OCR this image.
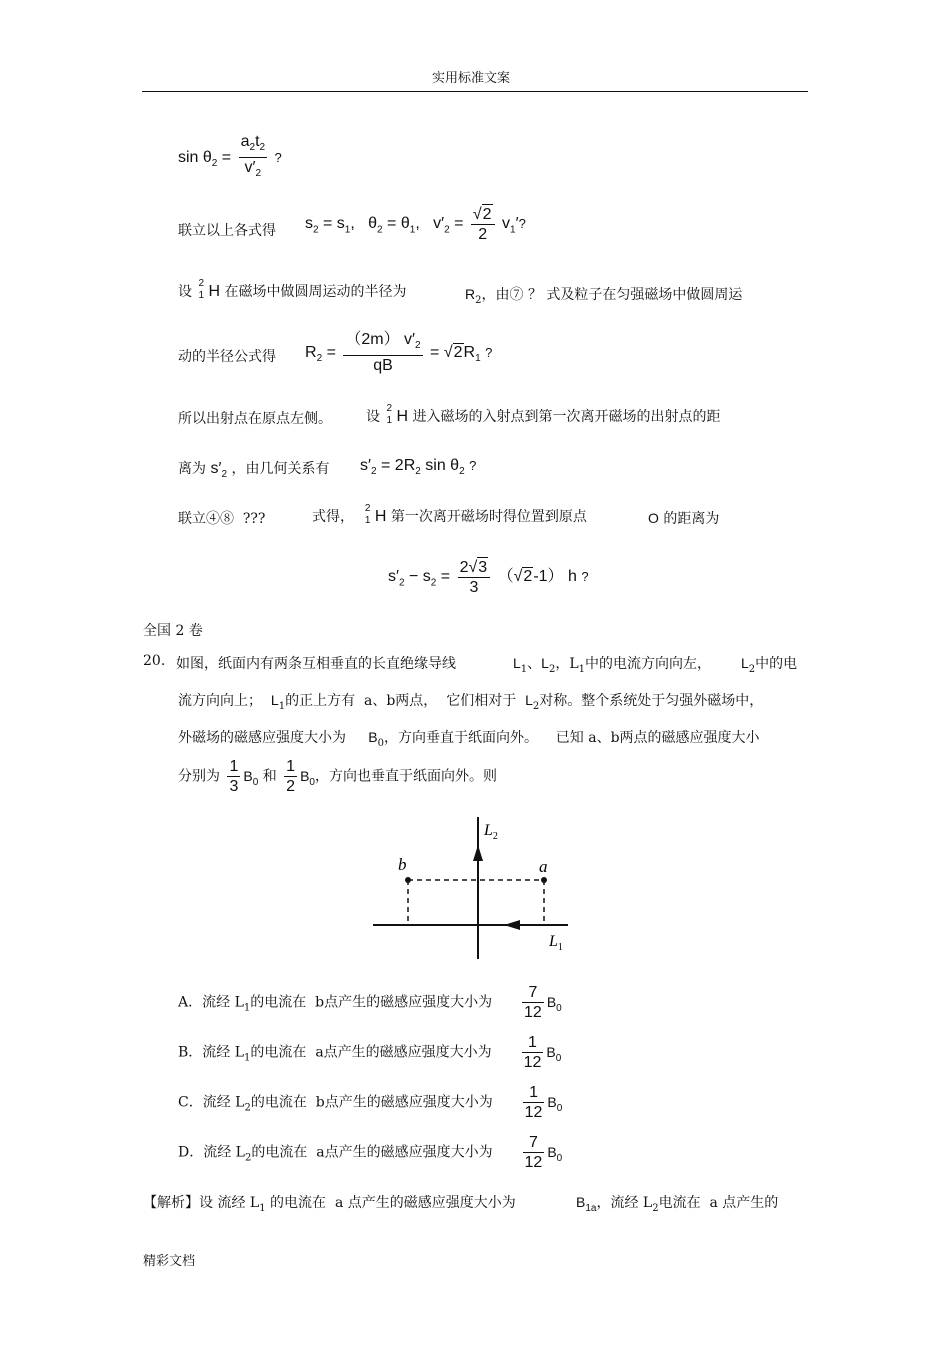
实用标准文案
$\sin \theta_2 = \frac{a_2t_2}{v'_2}$ ?
联立以上各式得 $s_2 = s_1$,   $\theta_2 = \theta_1$,   $v'_2 = \frac{√2}{2} v_1'$?
设
2
1 H 在磁场中做圆周运动的半径为	$R_2$，由⑦ ？ 式及粒子在匀强磁场中做圆周运
动的半径公式得 $R_2 = \frac{(2m) v'_2}{qB} = √2R_1$ ?
所以出射点在原点左侧。 设
2
1 H 进入磁场的入射点到第一次离开磁场的出射点的距
离为 $s'_2$ ，由几何关系有 $s'_2 = 2R_2$ $\sin \theta_2$ ?
联立④⑧ ???	式得，
2
1 H 第一次离开磁场时得位置到原点	O 的距离为
$s'_2 - s_2 = \frac{2√3}{3} (√2-1)$ h ?
全国 2 卷
20. 如图，纸面内有两条互相垂直的长直绝缘导线	$L_1$、$L_2$，$L_1$中的电流方向向左， $L_2$中的电
流方向向上； $L_1$的正上方有 a、b两点， 它们相对于 $L_2$对称。整个系统处于匀强外磁场中，
外磁场的磁感应强度大小为 $B_0$，方向垂直于纸面向外。 已知 a、b两点的磁感应强度大小
分别为 $\frac{1}{3} B_0$ 和 $\frac{1}{2} B_0$，方向也垂直于纸面向外。则
b	a
$L_2$
$L_1$
A．流经 $L_1$的电流在 b点产生的磁感应强度大小为 $\frac{7}{12} B_0$
B．流经 $L_1$的电流在 a点产生的磁感应强度大小为 $\frac{1}{12} B_0$
C．流经 $L_2$的电流在 b点产生的磁感应强度大小为 $\frac{1}{12} B_0$
D．流经 $L_2$的电流在 a点产生的磁感应强度大小为 $\frac{7}{12} B_0$
【解析】设 流经 $L_1$ 的电流在 a 点产生的磁感应强度大小为	$B_{1a}$，流经 $L_2$电流在 a 点产生的
精彩文档
